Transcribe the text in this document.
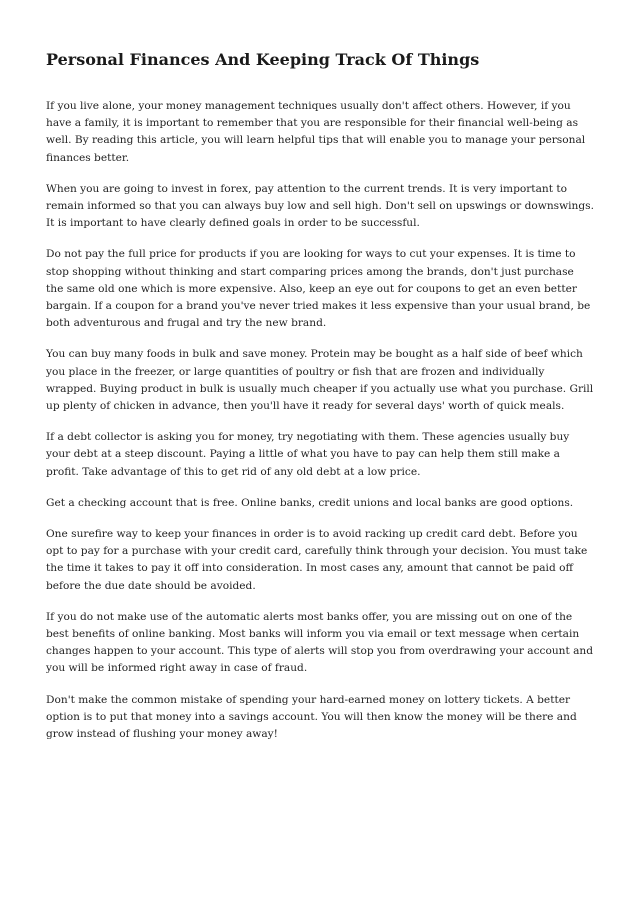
Personal Finances And Keeping Track Of Things

If you live alone, your money management techniques usually don't affect others. However, if you have a family, it is important to remember that you are responsible for their financial well-being as well. By reading this article, you will learn helpful tips that will enable you to manage your personal finances better.

When you are going to invest in forex, pay attention to the current trends. It is very important to remain informed so that you can always buy low and sell high. Don't sell on upswings or downswings. It is important to have clearly defined goals in order to be successful.

Do not pay the full price for products if you are looking for ways to cut your expenses. It is time to stop shopping without thinking and start comparing prices among the brands, don't just purchase the same old one which is more expensive. Also, keep an eye out for coupons to get an even better bargain. If a coupon for a brand you've never tried makes it less expensive than your usual brand, be both adventurous and frugal and try the new brand.

You can buy many foods in bulk and save money. Protein may be bought as a half side of beef which you place in the freezer, or large quantities of poultry or fish that are frozen and individually wrapped. Buying product in bulk is usually much cheaper if you actually use what you purchase. Grill up plenty of chicken in advance, then you'll have it ready for several days' worth of quick meals.

If a debt collector is asking you for money, try negotiating with them. These agencies usually buy your debt at a steep discount. Paying a little of what you have to pay can help them still make a profit. Take advantage of this to get rid of any old debt at a low price.

Get a checking account that is free. Online banks, credit unions and local banks are good options.

One surefire way to keep your finances in order is to avoid racking up credit card debt. Before you opt to pay for a purchase with your credit card, carefully think through your decision. You must take the time it takes to pay it off into consideration. In most cases any, amount that cannot be paid off before the due date should be avoided.

If you do not make use of the automatic alerts most banks offer, you are missing out on one of the best benefits of online banking. Most banks will inform you via email or text message when certain changes happen to your account. This type of alerts will stop you from overdrawing your account and you will be informed right away in case of fraud.

Don't make the common mistake of spending your hard-earned money on lottery tickets. A better option is to put that money into a savings account. You will then know the money will be there and grow instead of flushing your money away!
